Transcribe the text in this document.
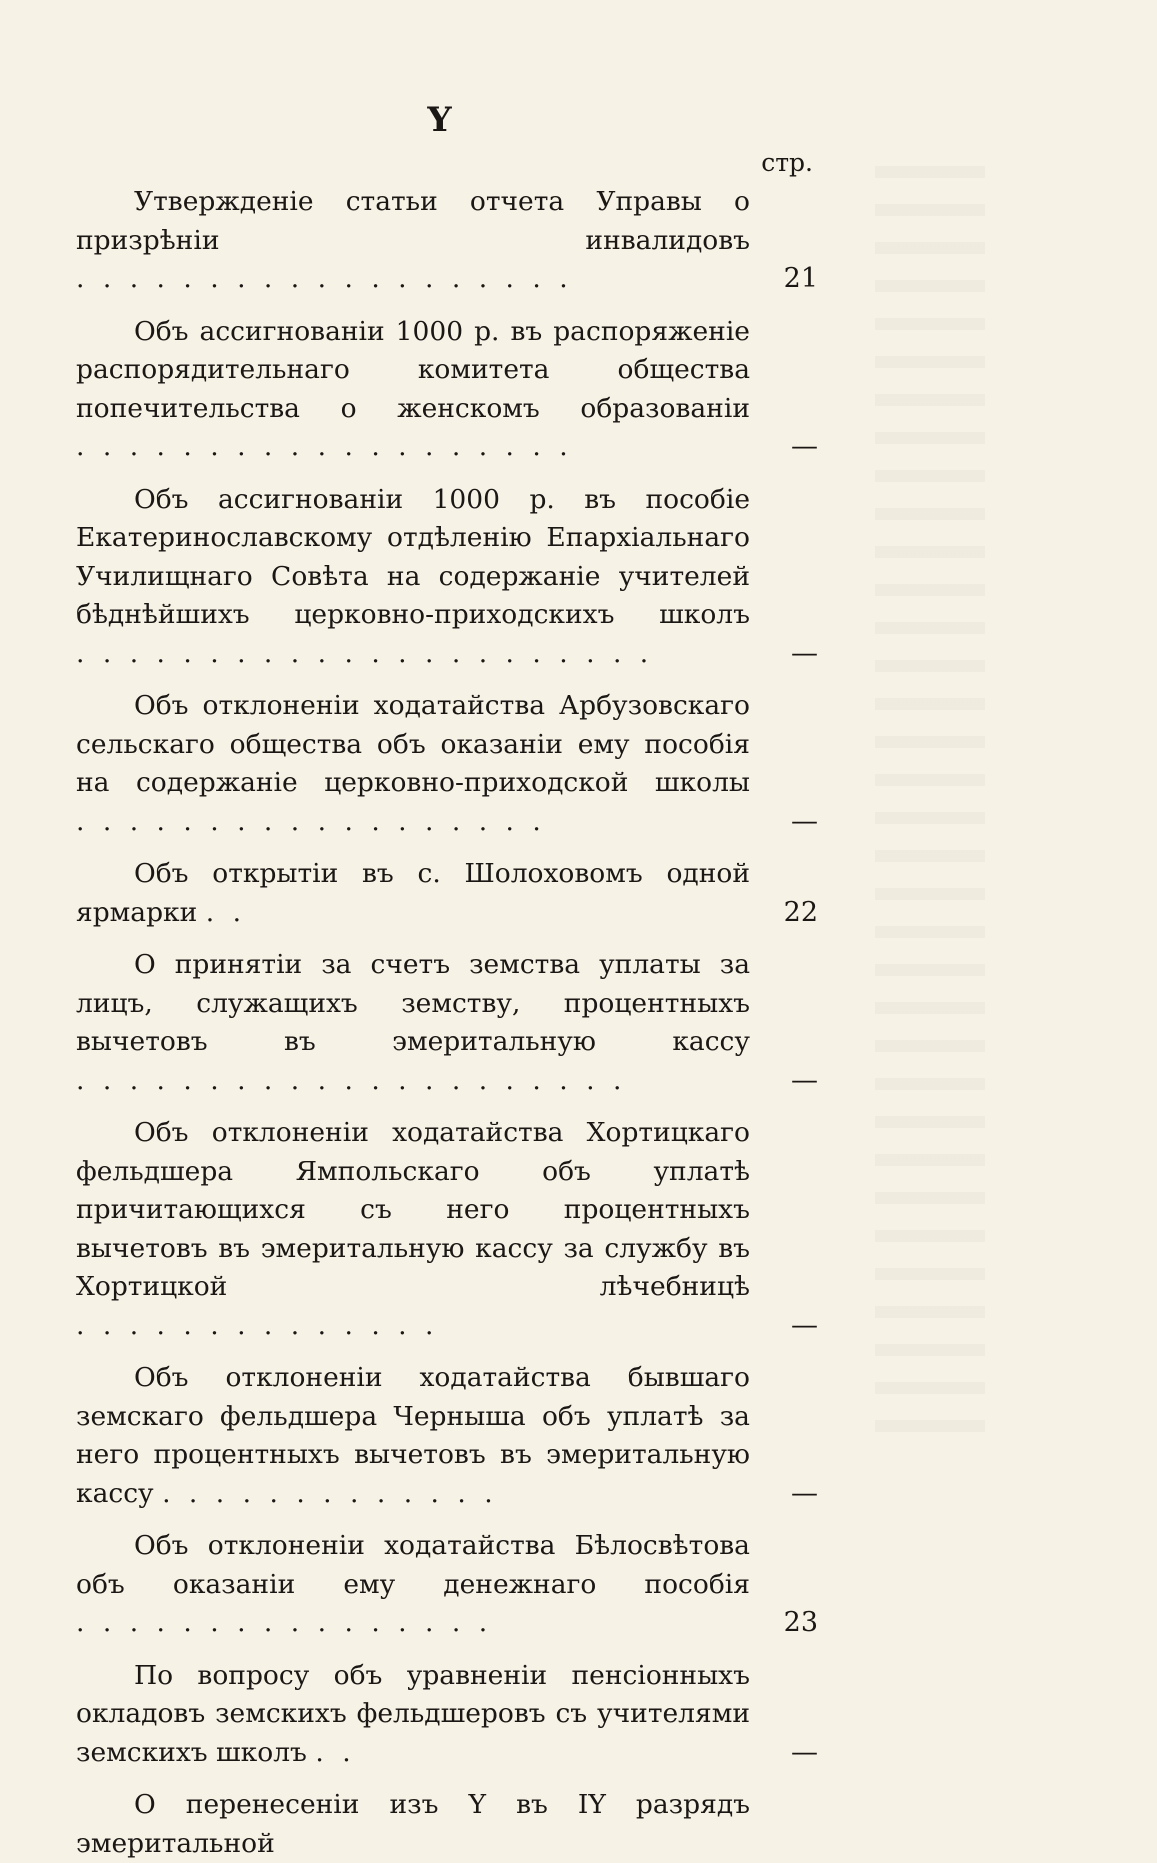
Y
стр.
Утвержденіе статьи отчета Управы о призрѣніи инвалидовъ . . . . . . . . . . . . . . . . . . .	21
Объ ассигнованіи 1000 р. въ распоряженіе распорядительнаго комитета общества попечительства о женскомъ образованіи . . . . . . . . . . . . . . . . . . .	—
Объ ассигнованіи 1000 р. въ пособіе Екатеринославскому отдѣленію Епархіальнаго Училищнаго Совѣта на содержаніе учителей бѣднѣйшихъ церковно-приходскихъ школъ . . . . . . . . . . . . . . . . . . . . . .	—
Объ отклоненіи ходатайства Арбузовскаго сельскаго общества объ оказаніи ему пособія на содержаніе церковно-приходской школы . . . . . . . . . . . . . . . . . .	—
Объ открытіи въ с. Шолоховомъ одной ярмарки . .	22
О принятіи за счетъ земства уплаты за лицъ, служащихъ земству, процентныхъ вычетовъ въ эмеритальную кассу . . . . . . . . . . . . . . . . . . . . .	—
Объ отклоненіи ходатайства Хортицкаго фельдшера Ямпольскаго объ уплатѣ причитающихся съ него процентныхъ вычетовъ въ эмеритальную кассу за службу въ Хортицкой лѣчебницѣ . . . . . . . . . . . . . .	—
Объ отклоненіи ходатайства бывшаго земскаго фельдшера Черныша объ уплатѣ за него процентныхъ вычетовъ въ эмеритальную кассу . . . . . . . . . . . . .	—
Объ отклоненіи ходатайства Бѣлосвѣтова объ оказаніи ему денежнаго пособія . . . . . . . . . . . . . . . .	23
По вопросу объ уравненіи пенсіонныхъ окладовъ земскихъ фельдшеровъ съ учителями земскихъ школъ . .	—
О перенесеніи изъ Y въ IY разрядъ эмеритальной
